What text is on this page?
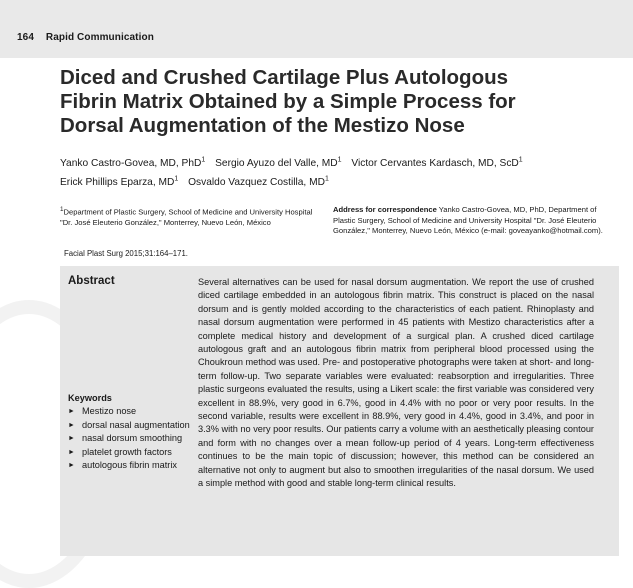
164 Rapid Communication
Diced and Crushed Cartilage Plus Autologous
Fibrin Matrix Obtained by a Simple Process for
Dorsal Augmentation of the Mestizo Nose
Yanko Castro-Govea, MD, PhD$^1$ Sergio Ayuzo del Valle, $MD^1$ Victor Cervantes Kardasch, MD, ScD$^1$
Erick Phillips Eparza, $MD^1$ Osvaldo Vazquez Costilla, $MD^1$
$^1$Department of Plastic Surgery, School of Medicine and University Hospital "Dr. José Eleuterio González," Monterrey, Nuevo León, México
Address for correspondence Yanko Castro-Govea, MD, PhD, Department of Plastic Surgery, School of Medicine and University Hospital "Dr. José Eleuterio González," Monterrey, Nuevo León, México (e-mail: goveayanko@hotmail.com).
Facial Plast Surg 2015;31:164–171.
Abstract	Several alternatives can be used for nasal dorsum augmentation. We report the use of crushed diced cartilage embedded in an autologous fibrin matrix. This construct is placed on the nasal dorsum and is gently molded according to the characteristics of each patient. Rhinoplasty and nasal dorsum augmentation were performed in 45 patients with Mestizo characteristics after a complete medical history and development of a surgical plan. A crushed diced cartilage autologous graft and an autologous fibrin matrix from peripheral blood processed using the Choukroun method was used. Pre- and postoperative photographs were taken at short- and long-term follow-up. Two separate variables were evaluated: reabsorption and irregularities. Three plastic surgeons evaluated the results, using a Likert scale: the first variable was considered very excellent in 88.9%, very good in 6.7%, good in 4.4% with no poor or very poor results. In the second variable, results were excellent in 88.9%, very good in 4.4%, good in 3.4%, and poor in 3.3% with no very poor results. Our patients carry a volume with an aesthetically pleasing contour and form with no changes over a mean follow-up period of 4 years. Long-term effectiveness continues to be the main topic of discussion; however, this method can be considered an alternative not only to augment but also to smoothen irregularities of the nasal dorsum. We used a simple method with good and stable long-term clinical results.
Keywords
► Mestizo nose
► dorsal nasal augmentation
► nasal dorsum smoothing
► platelet growth factors
► autologous fibrin matrix
